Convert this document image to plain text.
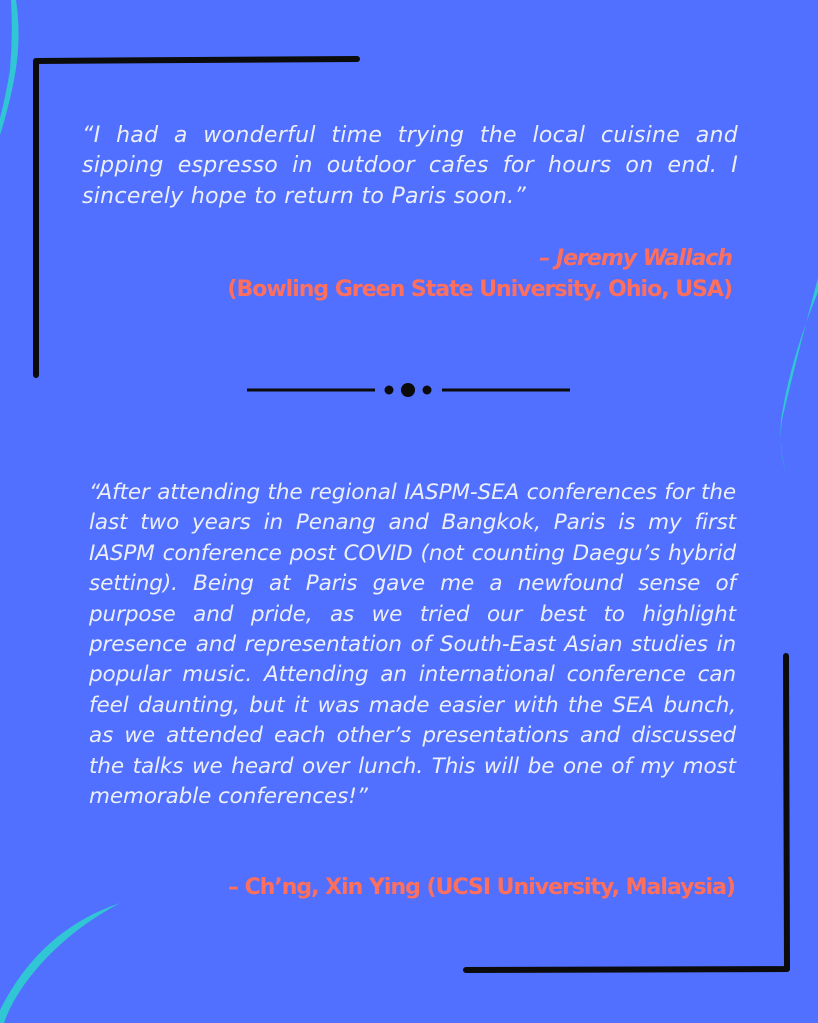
“I had a wonderful time trying the local cuisine and sipping espresso in outdoor cafes for hours on end. I sincerely hope to return to Paris soon.”

– Jeremy Wallach
(Bowling Green State University, Ohio, USA)

“After attending the regional IASPM-SEA conferences for the last two years in Penang and Bangkok, Paris is my first IASPM conference post COVID (not counting Daegu’s hybrid setting). Being at Paris gave me a newfound sense of purpose and pride, as we tried our best to highlight presence and representation of South-East Asian studies in popular music. Attending an international conference can feel daunting, but it was made easier with the SEA bunch, as we attended each other’s presentations and discussed the talks we heard over lunch. This will be one of my most memorable conferences!”

– Ch’ng, Xin Ying (UCSI University, Malaysia)
